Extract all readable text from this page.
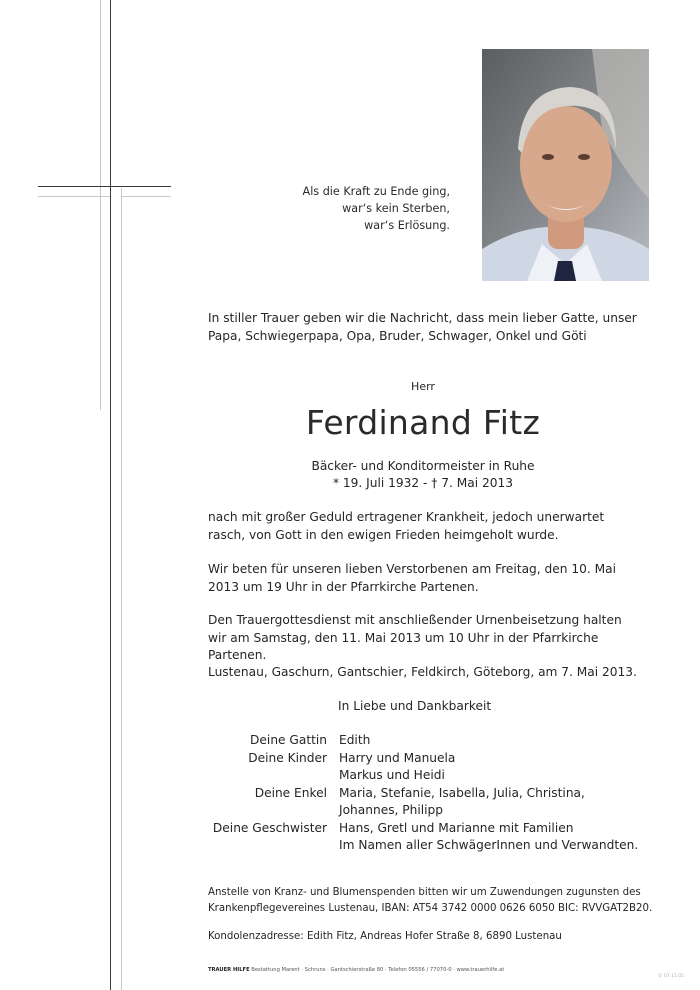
Als die Kraft zu Ende ging,
war‘s kein Sterben,
war‘s Erlösung.

In stiller Trauer geben wir die Nachricht, dass mein lieber Gatte, unser Papa, Schwiegerpapa, Opa, Bruder, Schwager, Onkel und Göti

Herr
Ferdinand Fitz
Bäcker- und Konditormeister in Ruhe
* 19. Juli 1932 - † 7. Mai 2013

nach mit großer Geduld ertragener Krankheit, jedoch unerwartet rasch, von Gott in den ewigen Frieden heimgeholt wurde.

Wir beten für unseren lieben Verstorbenen am Freitag, den 10. Mai 2013 um 19 Uhr in der Pfarrkirche Partenen.

Den Trauergottesdienst mit anschließender Urnenbeisetzung halten wir am Samstag, den 11. Mai 2013 um 10 Uhr in der Pfarrkirche Partenen.

Lustenau, Gaschurn, Gantschier, Feldkirch, Göteborg, am 7. Mai 2013.

In Liebe und Dankbarkeit
Deine Gattin Edith
Deine Kinder Harry und Manuela
Markus und Heidi
Deine Enkel Maria, Stefanie, Isabella, Julia, Christina,
Johannes, Philipp
Deine Geschwister Hans, Gretl und Marianne mit Familien
Im Namen aller SchwägerInnen und Verwandten.
Anstelle von Kranz- und Blumenspenden bitten wir um Zuwendungen zugunsten des Krankenpflegevereines Lustenau, IBAN: AT54 3742 0000 0626 6050 BIC: RVVGAT2B20.
Kondolenzadresse: Edith Fitz, Andreas Hofer Straße 8, 6890 Lustenau
TRAUER HILFE Bestattung Marent · Schruns · Gantschierstraße 80 · Telefon 05556 / 77070-0 · www.trauerhilfe.at
© 07.15.05
